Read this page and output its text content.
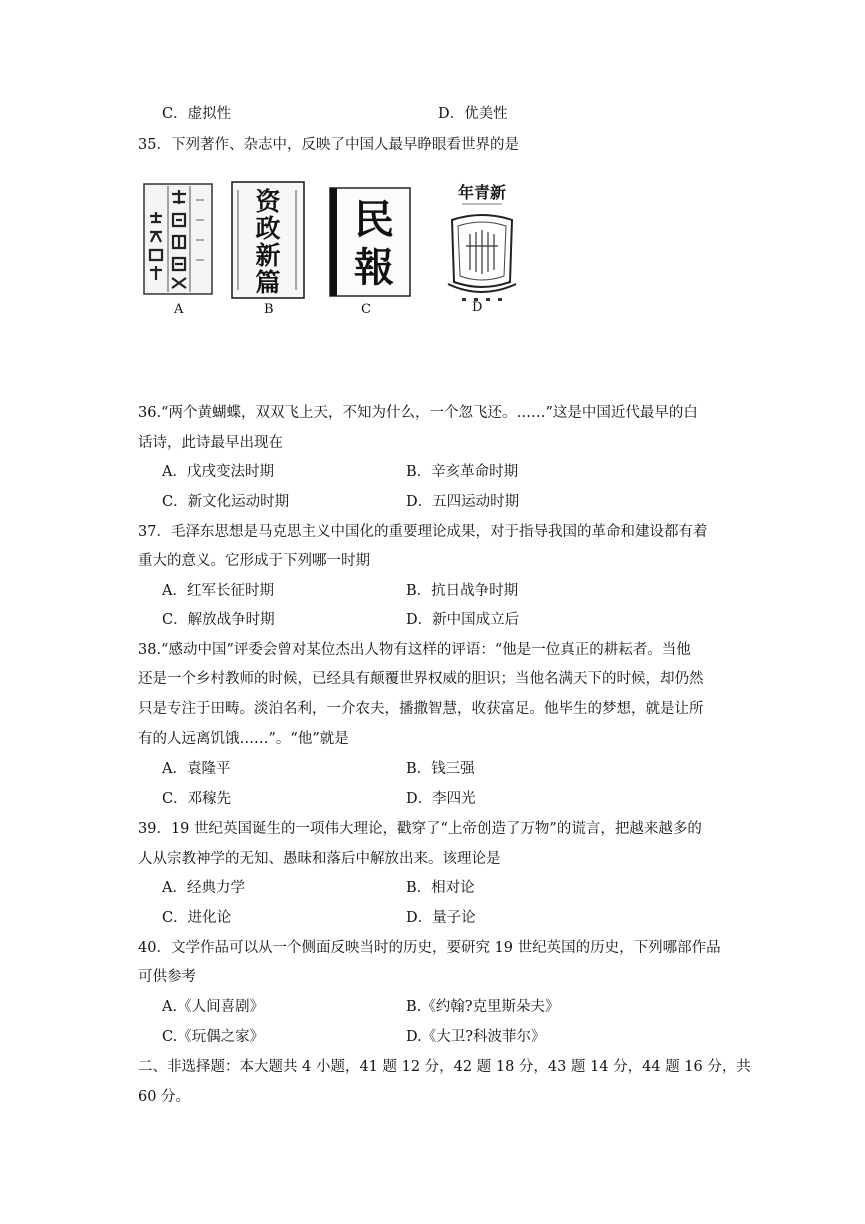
C．虚拟性	D．优美性
35．下列著作、杂志中，反映了中国人最早睁眼看世界的是
A
资政新篇
B
民報
C
年青新
D
36.“两个黄蝴蝶，双双飞上天，不知为什么，一个忽飞还。……”这是中国近代最早的白
话诗，此诗最早出现在
A．戊戌变法时期	B．辛亥革命时期
C．新文化运动时期	D．五四运动时期
37．毛泽东思想是马克思主义中国化的重要理论成果，对于指导我国的革命和建设都有着
重大的意义。它形成于下列哪一时期
A．红军长征时期	B．抗日战争时期
C．解放战争时期	D．新中国成立后
38.“感动中国”评委会曾对某位杰出人物有这样的评语：“他是一位真正的耕耘者。当他
还是一个乡村教师的时候，已经具有颠覆世界权威的胆识；当他名满天下的时候，却仍然
只是专注于田畴。淡泊名利，一介农夫，播撒智慧，收获富足。他毕生的梦想，就是让所
有的人远离饥饿……”。“他”就是
A．袁隆平	B．钱三强
C．邓稼先	D．李四光
39．19 世纪英国诞生的一项伟大理论，戳穿了“上帝创造了万物”的谎言，把越来越多的
人从宗教神学的无知、愚昧和落后中解放出来。该理论是
A．经典力学	B．相对论
C．进化论	D．量子论
40．文学作品可以从一个侧面反映当时的历史，要研究 19 世纪英国的历史，下列哪部作品
可供参考
A.《人间喜剧》	B.《约翰?克里斯朵夫》
C.《玩偶之家》	D.《大卫?科波菲尔》
二、非选择题：本大题共 4 小题，41 题 12 分，42 题 18 分，43 题 14 分，44 题 16 分，共
60 分。
